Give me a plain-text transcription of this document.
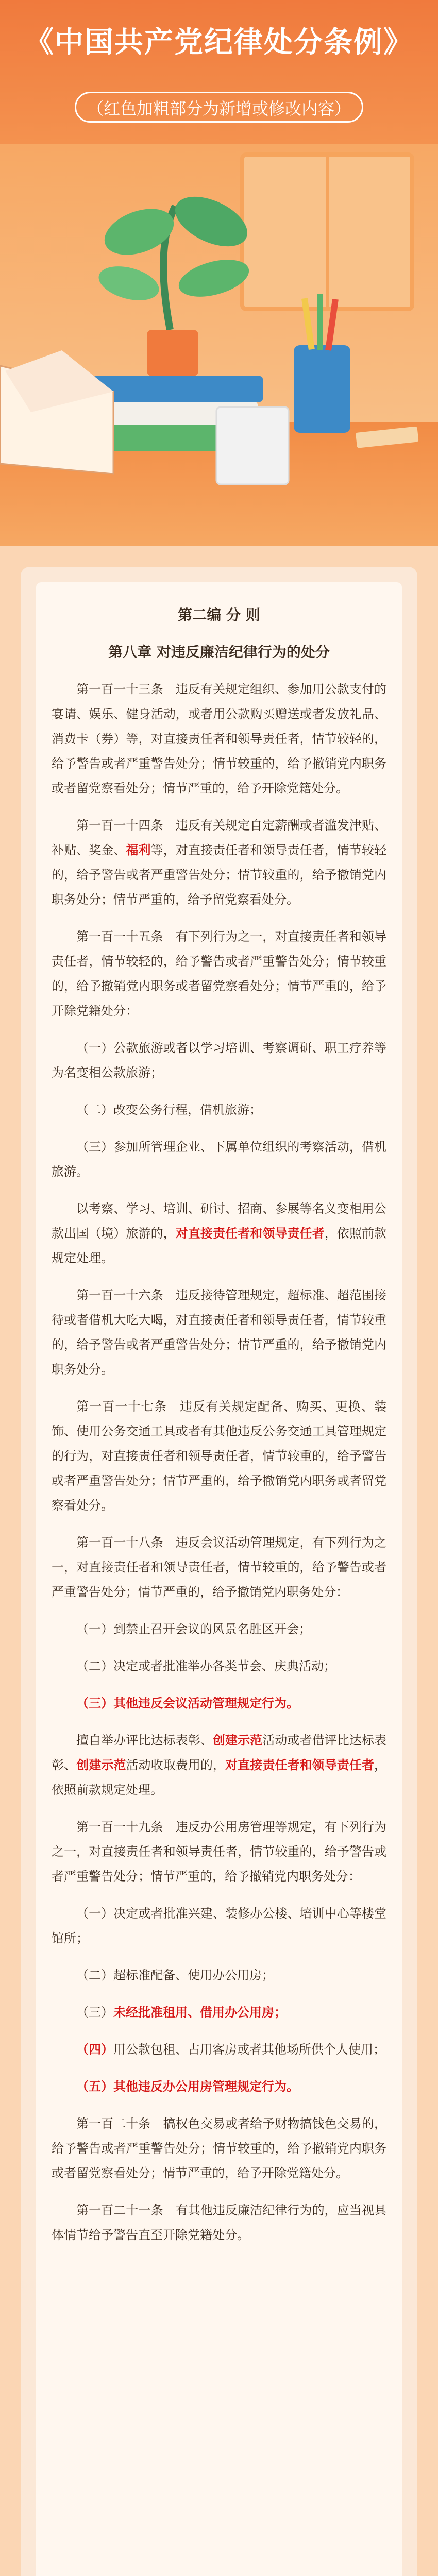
《中国共产党纪律处分条例》
（红色加粗部分为新增或修改内容）

第二编 分 则

第八章 对违反廉洁纪律行为的处分

第一百一十三条　 违反有关规定组织、参加用公款支付的宴请、娱乐、健身活动，或者用公款购买赠送或者发放礼品、消费卡（券）等，对直接责任者和领导责任者，情节较轻的，给予警告或者严重警告处分；情节较重的，给予撤销党内职务或者留党察看处分；情节严重的，给予开除党籍处分。

第一百一十四条　 违反有关规定自定薪酬或者滥发津贴、补贴、奖金、福利等，对直接责任者和领导责任者，情节较轻的，给予警告或者严重警告处分；情节较重的，给予撤销党内职务处分；情节严重的，给予留党察看处分。

第一百一十五条　 有下列行为之一，对直接责任者和领导责任者，情节较轻的，给予警告或者严重警告处分；情节较重的，给予撤销党内职务或者留党察看处分；情节严重的，给予开除党籍处分：

（一）公款旅游或者以学习培训、考察调研、职工疗养等为名变相公款旅游；

（二）改变公务行程，借机旅游；

（三）参加所管理企业、下属单位组织的考察活动，借机旅游。

以考察、学习、培训、研讨、招商、参展等名义变相用公款出国（境）旅游的，对直接责任者和领导责任者，依照前款规定处理。

第一百一十六条　 违反接待管理规定，超标准、超范围接待或者借机大吃大喝，对直接责任者和领导责任者，情节较重的，给予警告或者严重警告处分；情节严重的，给予撤销党内职务处分。

第一百一十七条　 违反有关规定配备、购买、更换、装饰、使用公务交通工具或者有其他违反公务交通工具管理规定的行为，对直接责任者和领导责任者，情节较重的，给予警告或者严重警告处分；情节严重的，给予撤销党内职务或者留党察看处分。

第一百一十八条　 违反会议活动管理规定，有下列行为之一，对直接责任者和领导责任者，情节较重的，给予警告或者严重警告处分；情节严重的，给予撤销党内职务处分：

（一）到禁止召开会议的风景名胜区开会；

（二）决定或者批准举办各类节会、庆典活动；

（三）其他违反会议活动管理规定行为。

擅自举办评比达标表彰、创建示范活动或者借评比达标表彰、创建示范活动收取费用的，对直接责任者和领导责任者，依照前款规定处理。

第一百一十九条　 违反办公用房管理等规定，有下列行为之一，对直接责任者和领导责任者，情节较重的，给予警告或者严重警告处分；情节严重的，给予撤销党内职务处分：

（一）决定或者批准兴建、装修办公楼、培训中心等楼堂馆所；

（二）超标准配备、使用办公用房；

（三）未经批准租用、借用办公用房；

（四）用公款包租、占用客房或者其他场所供个人使用；

（五）其他违反办公用房管理规定行为。

第一百二十条　 搞权色交易或者给予财物搞钱色交易的，给予警告或者严重警告处分；情节较重的，给予撤销党内职务或者留党察看处分；情节严重的，给予开除党籍处分。

第一百二十一条　 有其他违反廉洁纪律行为的，应当视具体情节给予警告直至开除党籍处分。
